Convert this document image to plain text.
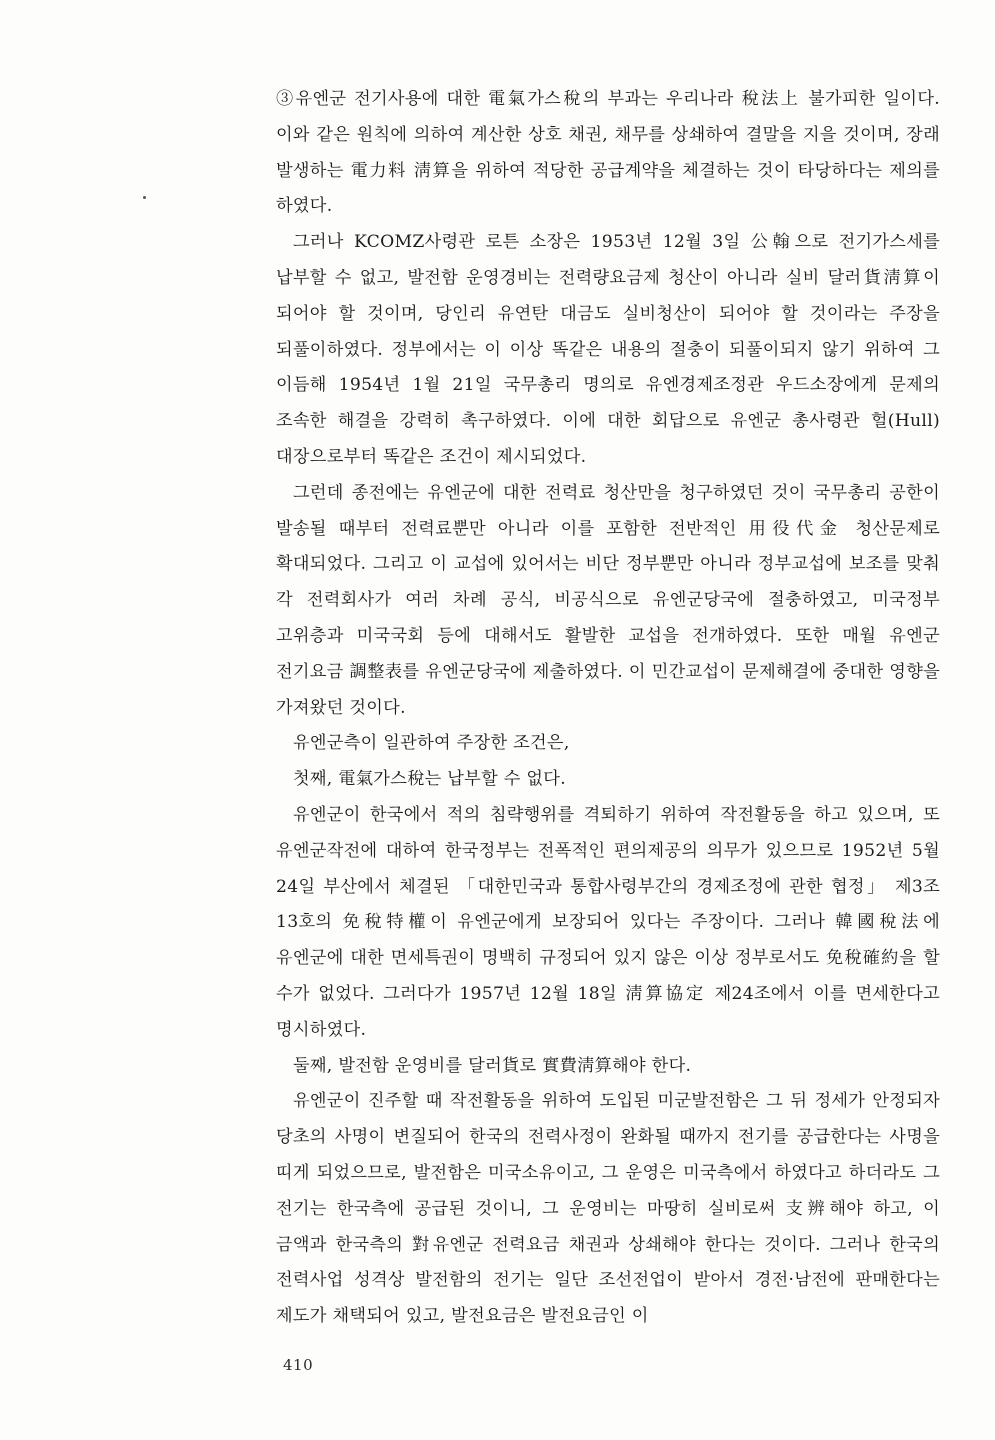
③유엔군 전기사용에 대한 電氣가스稅의 부과는 우리나라 稅法上 불가피한 일이다. 이와 같은 원칙에 의하여 계산한 상호 채권, 채무를 상쇄하여 결말을 지을 것이며, 장래 발생하는 電力料 淸算을 위하여 적당한 공급계약을 체결하는 것이 타당하다는 제의를 하였다.

그러나 KCOMZ사령관 로튼 소장은 1953년 12월 3일 公翰으로 전기가스세를 납부할 수 없고, 발전함 운영경비는 전력량요금제 청산이 아니라 실비 달러貨淸算이 되어야 할 것이며, 당인리 유연탄 대금도 실비청산이 되어야 할 것이라는 주장을 되풀이하였다. 정부에서는 이 이상 똑같은 내용의 절충이 되풀이되지 않기 위하여 그 이듬해 1954년 1월 21일 국무총리 명의로 유엔경제조정관 우드소장에게 문제의 조속한 해결을 강력히 촉구하였다. 이에 대한 회답으로 유엔군 총사령관 헐(Hull) 대장으로부터 똑같은 조건이 제시되었다.

그런데 종전에는 유엔군에 대한 전력료 청산만을 청구하였던 것이 국무총리 공한이 발송될 때부터 전력료뿐만 아니라 이를 포함한 전반적인 用役代金 청산문제로 확대되었다. 그리고 이 교섭에 있어서는 비단 정부뿐만 아니라 정부교섭에 보조를 맞춰 각 전력회사가 여러 차례 공식, 비공식으로 유엔군당국에 절충하였고, 미국정부 고위층과 미국국회 등에 대해서도 활발한 교섭을 전개하였다. 또한 매월 유엔군 전기요금 調整表를 유엔군당국에 제출하였다. 이 민간교섭이 문제해결에 중대한 영향을 가져왔던 것이다.

유엔군측이 일관하여 주장한 조건은,

첫째, 電氣가스稅는 납부할 수 없다.

유엔군이 한국에서 적의 침략행위를 격퇴하기 위하여 작전활동을 하고 있으며, 또 유엔군작전에 대하여 한국정부는 전폭적인 편의제공의 의무가 있으므로 1952년 5월 24일 부산에서 체결된 「대한민국과 통합사령부간의 경제조정에 관한 협정」 제3조 13호의 免稅特權이 유엔군에게 보장되어 있다는 주장이다. 그러나 韓國稅法에 유엔군에 대한 면세특권이 명백히 규정되어 있지 않은 이상 정부로서도 免稅確約을 할 수가 없었다. 그러다가 1957년 12월 18일 淸算協定 제24조에서 이를 면세한다고 명시하였다.

둘째, 발전함 운영비를 달러貨로 實費淸算해야 한다.

유엔군이 진주할 때 작전활동을 위하여 도입된 미군발전함은 그 뒤 정세가 안정되자 당초의 사명이 변질되어 한국의 전력사정이 완화될 때까지 전기를 공급한다는 사명을 띠게 되었으므로, 발전함은 미국소유이고, 그 운영은 미국측에서 하였다고 하더라도 그 전기는 한국측에 공급된 것이니, 그 운영비는 마땅히 실비로써 支辨해야 하고, 이 금액과 한국측의 對유엔군 전력요금 채권과 상쇄해야 한다는 것이다. 그러나 한국의 전력사업 성격상 발전함의 전기는 일단 조선전업이 받아서 경전·남전에 판매한다는 제도가 채택되어 있고, 발전요금은 발전요금인 이

410
